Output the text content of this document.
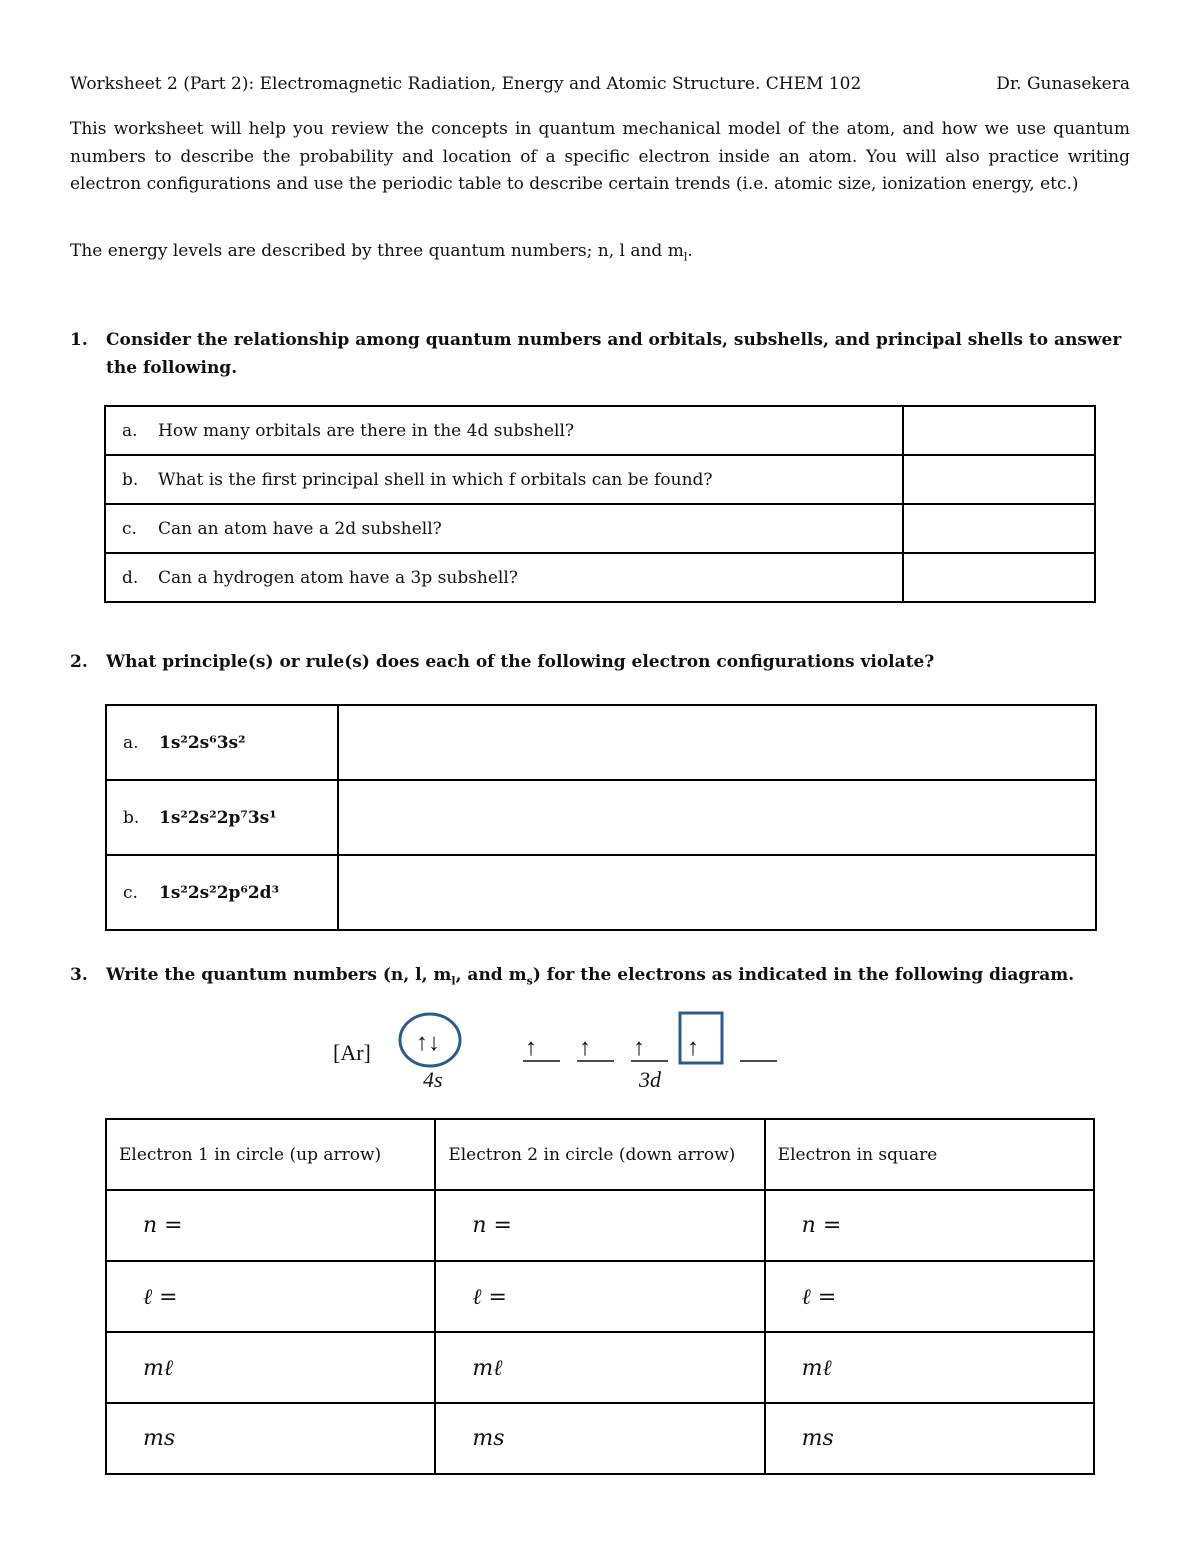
Worksheet 2 (Part 2): Electromagnetic Radiation, Energy and Atomic Structure. CHEM 102	Dr. Gunasekera
This worksheet will help you review the concepts in quantum mechanical model of the atom, and how we use quantum numbers to describe the probability and location of a specific electron inside an atom. You will also practice writing electron configurations and use the periodic table to describe certain trends (i.e. atomic size, ionization energy, etc.)
The energy levels are described by three quantum numbers; n, l and $m_l$.
1. Consider the relationship among quantum numbers and orbitals, subshells, and principal shells to answer the following.
a. How many orbitals are there in the 4d subshell?	
b. What is the first principal shell in which f orbitals can be found?	
c. Can an atom have a 2d subshell?	
d. Can a hydrogen atom have a 3p subshell?	
2. What principle(s) or rule(s) does each of the following electron configurations violate?
a. 1s²2s⁶3s²	
b. 1s²2s²2p⁷3s¹	
c. 1s²2s²2p⁶2d³	
3. Write the quantum numbers (n, l, $m_l$, and $m_s$) for the electrons as indicated in the following diagram.
[Ar] ↑↓
4s
↑ ↑ ↑ ↑
3d
Electron 1 in circle (up arrow)	Electron 2 in circle (down arrow)	Electron in square
n =	n =	n =
ℓ =	ℓ =	ℓ =
mℓ	mℓ	mℓ
ms	ms	ms
